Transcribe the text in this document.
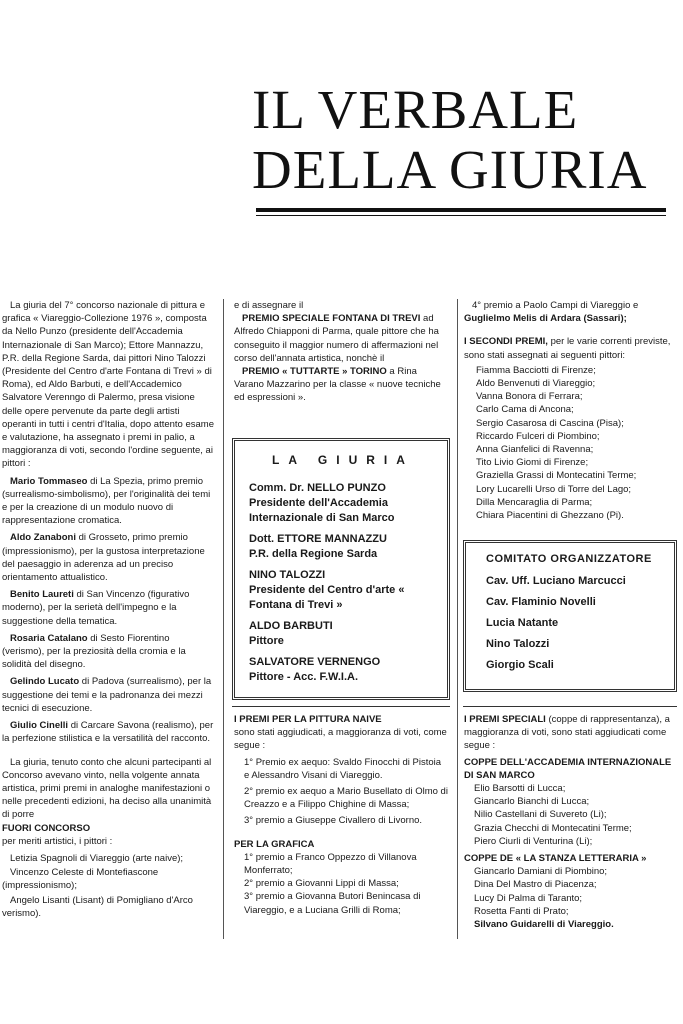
IL VERBALE
DELLA GIURIA

La giuria del 7° concorso nazionale di pittura e grafica « Viareggio-Collezione 1976 », composta da Nello Punzo (presidente dell'Accademia Internazionale di San Marco); Ettore Mannazzu, P.R. della Regione Sarda, dai pittori Nino Talozzi (Presidente del Centro d'arte Fontana di Trevi » di Roma), ed Aldo Barbuti, e dell'Accademico Salvatore Verenngo di Palermo, presa visione delle opere pervenute da parte degli artisti operanti in tutti i centri d'Italia, dopo attento esame e valutazione, ha assegnato i premi in palio, a maggioranza di voti, secondo l'ordine seguente, ai pittori :

Mario Tommaseo di La Spezia, primo premio (surrealismo-simbolismo), per l'originalità dei temi e per la creazione di un modulo nuovo di rappresentazione cromatica.

Aldo Zanaboni di Grosseto, primo premio (impressionismo), per la gustosa interpretazione del paesaggio in aderenza ad un preciso orientamento attualistico.

Benito Laureti di San Vincenzo (figurativo moderno), per la serietà dell'impegno e la suggestione della tematica.

Rosaria Catalano di Sesto Fiorentino (verismo), per la preziosità della cromia e la solidità del disegno.

Gelindo Lucato di Padova (surrealismo), per la suggestione dei temi e la padronanza dei mezzi tecnici di esecuzione.

Giulio Cinelli di Carcare Savona (realismo), per la perfezione stilistica e la versatilità del racconto.

La giuria, tenuto conto che alcuni partecipanti al Concorso avevano vinto, nella volgente annata artistica, primi premi in analoghe manifestazioni o nelle precedenti edizioni, ha deciso alla unanimità di porre

FUORI CONCORSO

per meriti artistici, i pittori :

Letizia Spagnoli di Viareggio (arte naive);

Vincenzo Celeste di Montefiascone (impressionismo);

Angelo Lisanti (Lisant) di Pomigliano d'Arco verismo).

e di assegnare il

PREMIO SPECIALE FONTANA DI TREVI ad Alfredo Chiapponi di Parma, quale pittore che ha conseguito il maggior numero di affermazioni nel corso dell'annata artistica, nonchè il

PREMIO « TUTTARTE » TORINO a Rina Varano Mazzarino per la classe « nuove tecniche ed espressioni ».

LA GIURIA
Comm. Dr. NELLO PUNZO
Presidente dell'Accademia Internazionale di San Marco
Dott. ETTORE MANNAZZU
P.R. della Regione Sarda
NINO TALOZZI
Presidente del Centro d'arte « Fontana di Trevi »
ALDO BARBUTI
Pittore
SALVATORE VERNENGO
Pittore - Acc. F.W.I.A.

4° premio a Paolo Campi di Viareggio e

Guglielmo Melis di Ardara (Sassari);

I SECONDI PREMI, per le varie correnti previste, sono stati assegnati ai seguenti pittori:

Fiamma Bacciotti di Firenze;
Aldo Benvenuti di Viareggio;
Vanna Bonora di Ferrara;
Carlo Cama di Ancona;
Sergio Casarosa di Cascina (Pisa);
Riccardo Fulceri di Piombino;
Anna Gianfelici di Ravenna;
Tito Livio Giomi di Firenze;
Graziella Grassi di Montecatini Terme;
Lory Lucarelli Urso di Torre del Lago;
Dilla Mencaraglia di Parma;
Chiara Piacentini di Ghezzano (Pi).
COMITATO ORGANIZZATORE
Cav. Uff. Luciano Marcucci
Cav. Flaminio Novelli
Lucia Natante
Nino Talozzi
Giorgio Scali

I PREMI PER LA PITTURA NAIVE

sono stati aggiudicati, a maggioranza di voti, come segue :

1° Premio ex aequo: Svaldo Finocchi di Pistoia e Alessandro Visani di Viareggio.

2° premio ex aequo a Mario Busellato di Olmo di Creazzo e a Filippo Chighine di Massa;

3° premio a Giuseppe Civallero di Livorno.

PER LA GRAFICA

1° premio a Franco Oppezzo di Villanova Monferrato;

2° premio a Giovanni Lippi di Massa;

3° premio a Giovanna Butori Benincasa di Viareggio, e a Luciana Grilli di Roma;

I PREMI SPECIALI (coppe di rappresentanza), a maggioranza di voti, sono stati aggiudicati come segue :

COPPE DELL'ACCADEMIA INTERNAZIONALE DI SAN MARCO

Elio Barsotti di Lucca;
Giancarlo Bianchi di Lucca;
Nilio Castellani di Suvereto (Li);
Grazia Checchi di Montecatini Terme;
Piero Ciurli di Venturina (Li);

COPPE DE « LA STANZA LETTERARIA »

Giancarlo Damiani di Piombino;
Dina Del Mastro di Piacenza;
Lucy Di Palma di Taranto;
Rosetta Fanti di Prato;
Silvano Guidarelli di Viareggio.
